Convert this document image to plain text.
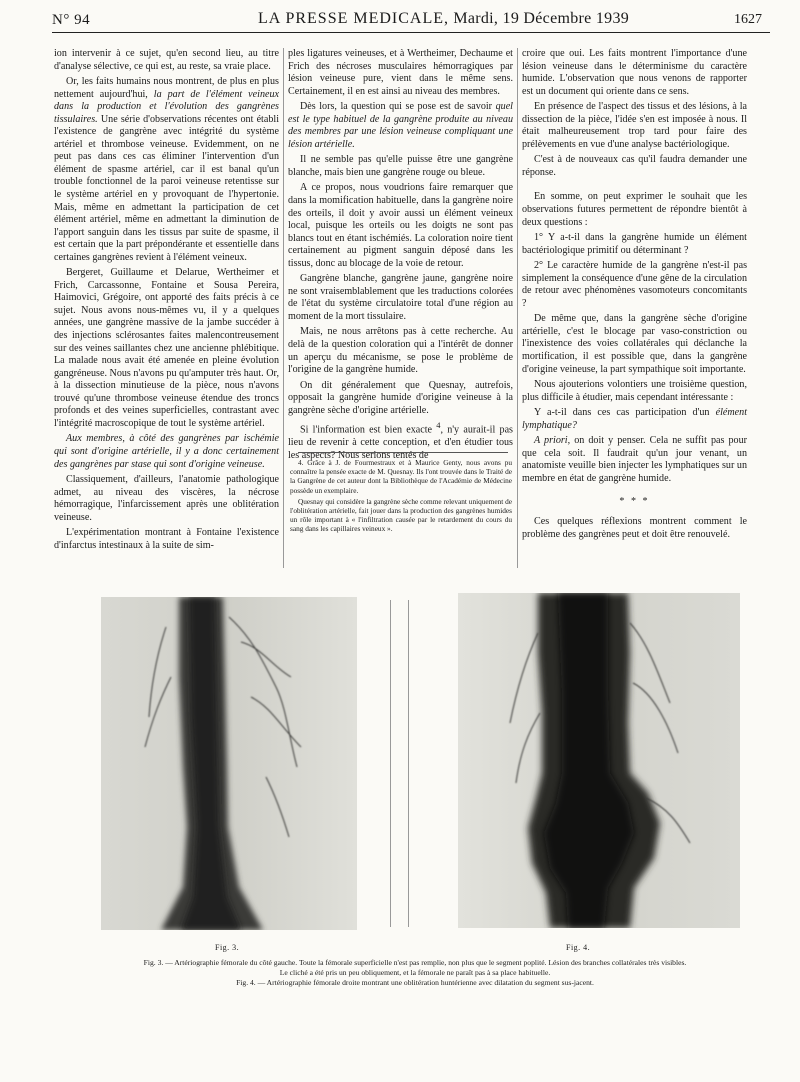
N° 94	LA PRESSE MEDICALE, Mardi, 19 Décembre 1939	1627

ion intervenir à ce sujet, qu'en second lieu, au titre d'analyse sélective, ce qui est, au reste, sa vraie place.

Or, les faits humains nous montrent, de plus en plus nettement aujourd'hui, la part de l'élément veineux dans la production et l'évolution des gangrènes tissulaires. Une série d'observations récentes ont établi l'existence de gangrène avec intégrité du système artériel et thrombose veineuse. Evidemment, on ne peut pas dans ces cas éliminer l'intervention d'un élément de spasme artériel, car il est banal qu'un trouble fonctionnel de la paroi veineuse retentisse sur le système artériel en y provoquant de l'hypertonie. Mais, même en admettant la participation de cet élément artériel, même en admettant la diminution de l'apport sanguin dans les tissus par suite de spasme, il est certain que la part prépondérante et essentielle dans certaines gangrènes revient à l'élément veineux.

Bergeret, Guillaume et Delarue, Wertheimer et Frich, Carcassonne, Fontaine et Sousa Pereira, Haimovici, Grégoire, ont apporté des faits précis à ce sujet. Nous avons nous-mêmes vu, il y a quelques années, une gangrène massive de la jambe succéder à des injections sclérosantes faites malencontreusement sur des veines saillantes chez une ancienne phlébitique. La malade nous avait été amenée en pleine évolution gangréneuse. Nous n'avons pu qu'amputer très haut. Or, à la dissection minutieuse de la pièce, nous n'avons trouvé qu'une thrombose veineuse étendue des troncs profonds et des veines superficielles, contrastant avec l'intégrité macroscopique de tout le système artériel.

Aux membres, à côté des gangrènes par ischémie qui sont d'origine artérielle, il y a donc certainement des gangrènes par stase qui sont d'origine veineuse.

Classiquement, d'ailleurs, l'anatomie pathologique admet, au niveau des viscères, la nécrose hémorragique, l'infarcissement après une oblitération veineuse.

L'expérimentation montrant à Fontaine l'existence d'infarctus intestinaux à la suite de sim-

ples ligatures veineuses, et à Wertheimer, Dechaume et Frich des nécroses musculaires hémorragiques par lésion veineuse pure, vient dans le même sens. Certainement, il en est ainsi au niveau des membres.

Dès lors, la question qui se pose est de savoir quel est le type habituel de la gangrène produite au niveau des membres par une lésion veineuse compliquant une lésion artérielle.

Il ne semble pas qu'elle puisse être une gangrène blanche, mais bien une gangrène rouge ou bleue.

A ce propos, nous voudrions faire remarquer que dans la momification habituelle, dans la gangrène noire des orteils, il doit y avoir aussi un élément veineux local, puisque les orteils ou les doigts ne sont pas blancs tout en étant ischémiés. La coloration noire tient certainement au pigment sanguin déposé dans les tissus, donc au blocage de la voie de retour.

Gangrène blanche, gangrène jaune, gangrène noire ne sont vraisemblablement que les traductions colorées de l'état du système circulatoire total d'une région au moment de la mort tissulaire.

Mais, ne nous arrêtons pas à cette recherche. Au delà de la question coloration qui a l'intérêt de donner un aperçu du mécanisme, se pose le problème de l'origine de la gangrène humide.

On dit généralement que Quesnay, autrefois, opposait la gangrène humide d'origine veineuse à la gangrène sèche d'origine artérielle.

Si l'information est bien exacte $^4$, n'y aurait-il pas lieu de revenir à cette conception, et d'en étudier tous les aspects? Nous serions tentés de

4. Grâce à J. de Fourmestraux et à Maurice Genty, nous avons pu connaître la pensée exacte de M. Quesnay. Ils l'ont trouvée dans le Traité de la Gangrène de cet auteur dont la Bibliothèque de l'Académie de Médecine possède un exemplaire.

Quesnay qui considère la gangrène sèche comme relevant uniquement de l'oblitération artérielle, fait jouer dans la production des gangrènes humides un rôle important à « l'infiltration causée par le retardement du cours du sang dans les capillaires veineux ».

croire que oui. Les faits montrent l'importance d'une lésion veineuse dans le déterminisme du caractère humide. L'observation que nous venons de rapporter est un document qui oriente dans ce sens.

En présence de l'aspect des tissus et des lésions, à la dissection de la pièce, l'idée s'en est imposée à nous. Il était malheureusement trop tard pour faire des prélèvements en vue d'une analyse bactériologique.

C'est à de nouveaux cas qu'il faudra demander une réponse.

En somme, on peut exprimer le souhait que les observations futures permettent de répondre bientôt à deux questions :

1° Y a-t-il dans la gangrène humide un élément bactériologique primitif ou déterminant ?

2° Le caractère humide de la gangrène n'est-il pas simplement la conséquence d'une gêne de la circulation de retour avec phénomènes vasomoteurs concomitants ?

De même que, dans la gangrène sèche d'origine artérielle, c'est le blocage par vaso-constriction ou l'inexistence des voies collatérales qui déclanche la mortification, il est possible que, dans la gangrène d'origine veineuse, la part sympathique soit importante.

Nous ajouterions volontiers une troisième question, plus difficile à étudier, mais cependant intéressante :

Y a-t-il dans ces cas participation d'un élément lymphatique?

A priori, on doit y penser. Cela ne suffit pas pour que cela soit. Il faudrait qu'un jour venant, un anatomiste veuille bien injecter les lymphatiques sur un membre en état de gangrène humide.

* * *

Ces quelques réflexions montrent comment le problème des gangrènes peut et doit être renouvelé.

Fig. 3.	Fig. 4.

Fig. 3. — Artériographie fémorale du côté gauche. Toute la fémorale superficielle n'est pas remplie, non plus que le segment poplité. Lésion des branches collatérales très visibles.

Le cliché a été pris un peu obliquement, et la fémorale ne paraît pas à sa place habituelle.

Fig. 4. — Artériographie fémorale droite montrant une oblitération huntérienne avec dilatation du segment sus-jacent.
